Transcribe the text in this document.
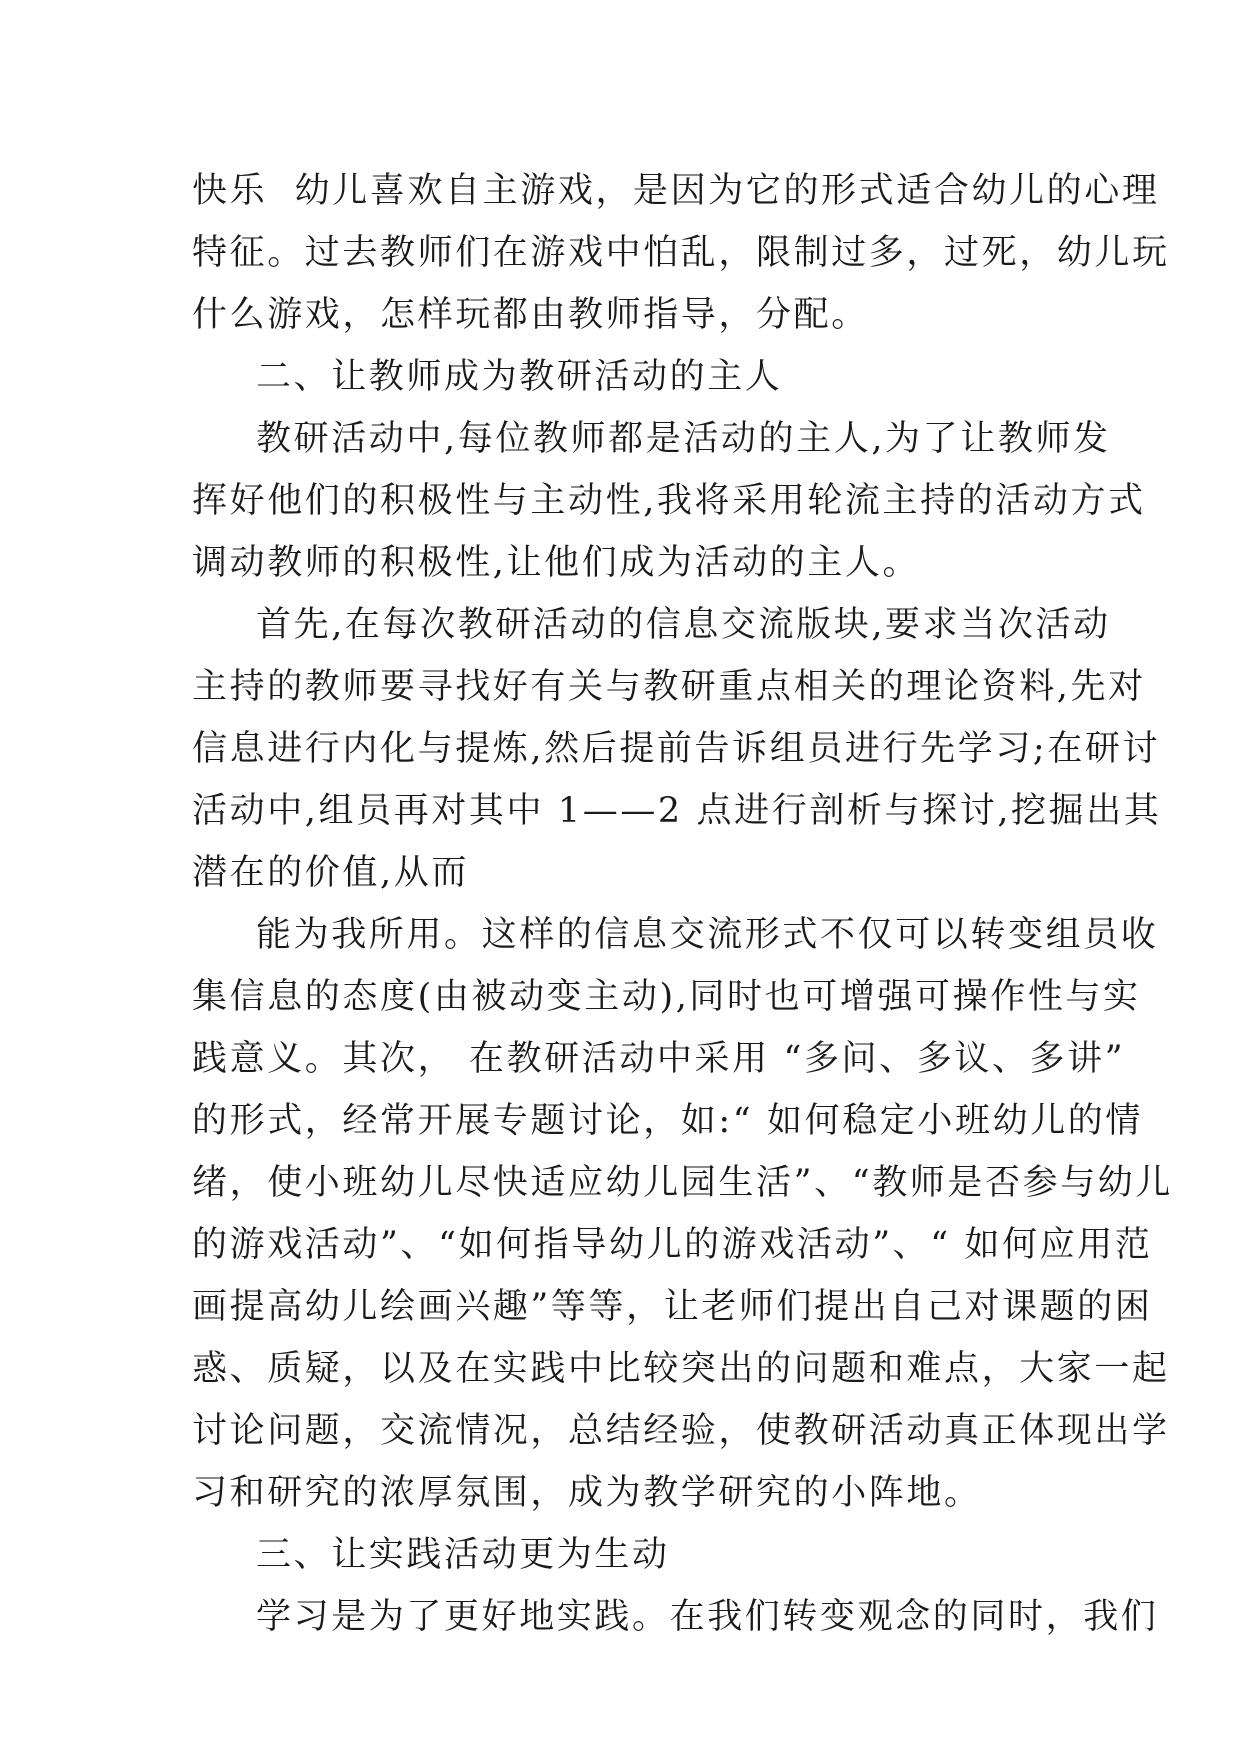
快乐  幼儿喜欢自主游戏，是因为它的形式适合幼儿的心理
特征。过去教师们在游戏中怕乱，限制过多，过死，幼儿玩
什么游戏，怎样玩都由教师指导，分配。
二、让教师成为教研活动的主人
教研活动中,每位教师都是活动的主人,为了让教师发
挥好他们的积极性与主动性,我将采用轮流主持的活动方式
调动教师的积极性,让他们成为活动的主人。
首先,在每次教研活动的信息交流版块,要求当次活动
主持的教师要寻找好有关与教研重点相关的理论资料,先对
信息进行内化与提炼,然后提前告诉组员进行先学习;在研讨
活动中,组员再对其中 1——2 点进行剖析与探讨,挖掘出其
潜在的价值,从而
能为我所用。这样的信息交流形式不仅可以转变组员收
集信息的态度(由被动变主动),同时也可增强可操作性与实
践意义。其次， 在教研活动中采用 “多问、多议、多讲”
的形式，经常开展专题讨论，如:“ 如何稳定小班幼儿的情
绪，使小班幼儿尽快适应幼儿园生活”、“教师是否参与幼儿
的游戏活动”、“如何指导幼儿的游戏活动”、“ 如何应用范
画提高幼儿绘画兴趣”等等，让老师们提出自己对课题的困
惑、质疑，以及在实践中比较突出的问题和难点，大家一起
讨论问题，交流情况，总结经验，使教研活动真正体现出学
习和研究的浓厚氛围，成为教学研究的小阵地。
三、让实践活动更为生动
学习是为了更好地实践。在我们转变观念的同时，我们
